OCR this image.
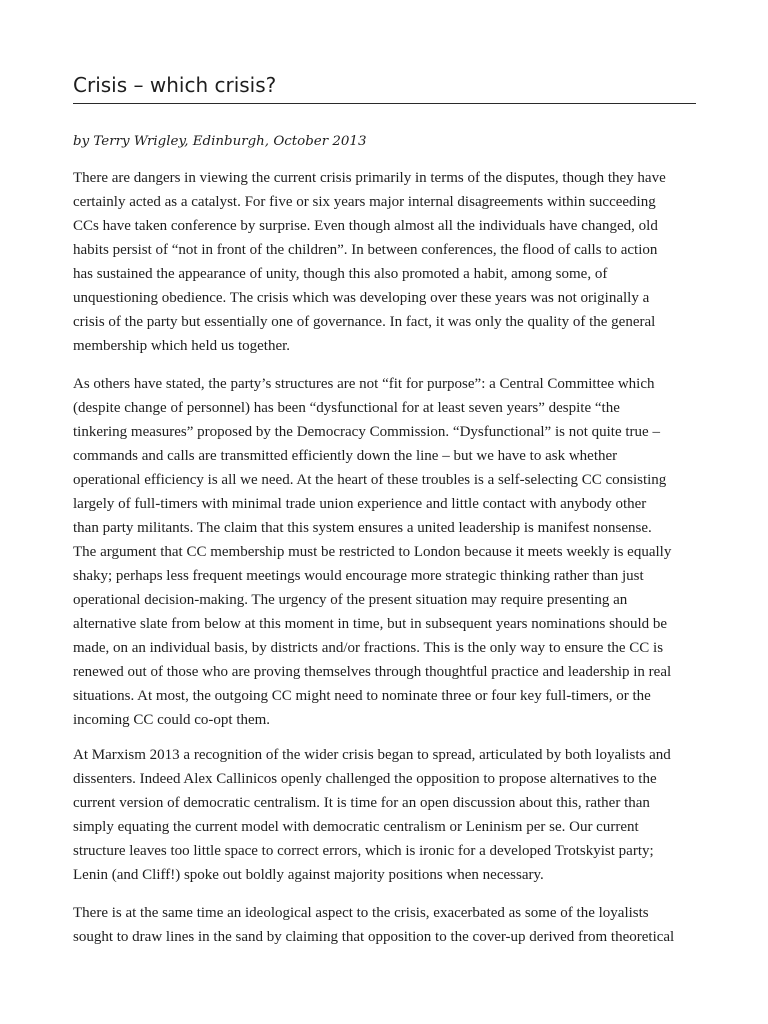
Crisis – which crisis?

by Terry Wrigley, Edinburgh, October 2013

There are dangers in viewing the current crisis primarily in terms of the disputes, though they have
certainly acted as a catalyst. For five or six years major internal disagreements within succeeding
CCs have taken conference by surprise. Even though almost all the individuals have changed, old
habits persist of “not in front of the children”. In between conferences, the flood of calls to action
has sustained the appearance of unity, though this also promoted a habit, among some, of
unquestioning obedience. The crisis which was developing over these years was not originally a
crisis of the party but essentially one of governance. In fact, it was only the quality of the general
membership which held us together.

As others have stated, the party’s structures are not “fit for purpose”: a Central Committee which
(despite change of personnel) has been “dysfunctional for at least seven years” despite “the
tinkering measures” proposed by the Democracy Commission. “Dysfunctional” is not quite true –
commands and calls are transmitted efficiently down the line – but we have to ask whether
operational efficiency is all we need. At the heart of these troubles is a self-selecting CC consisting
largely of full-timers with minimal trade union experience and little contact with anybody other
than party militants. The claim that this system ensures a united leadership is manifest nonsense.
The argument that CC membership must be restricted to London because it meets weekly is equally
shaky; perhaps less frequent meetings would encourage more strategic thinking rather than just
operational decision-making. The urgency of the present situation may require presenting an
alternative slate from below at this moment in time, but in subsequent years nominations should be
made, on an individual basis, by districts and/or fractions. This is the only way to ensure the CC is
renewed out of those who are proving themselves through thoughtful practice and leadership in real
situations. At most, the outgoing CC might need to nominate three or four key full-timers, or the
incoming CC could co-opt them.

At Marxism 2013 a recognition of the wider crisis began to spread, articulated by both loyalists and
dissenters. Indeed Alex Callinicos openly challenged the opposition to propose alternatives to the
current version of democratic centralism. It is time for an open discussion about this, rather than
simply equating the current model with democratic centralism or Leninism per se. Our current
structure leaves too little space to correct errors, which is ironic for a developed Trotskyist party;
Lenin (and Cliff!) spoke out boldly against majority positions when necessary.

There is at the same time an ideological aspect to the crisis, exacerbated as some of the loyalists
sought to draw lines in the sand by claiming that opposition to the cover-up derived from theoretical
